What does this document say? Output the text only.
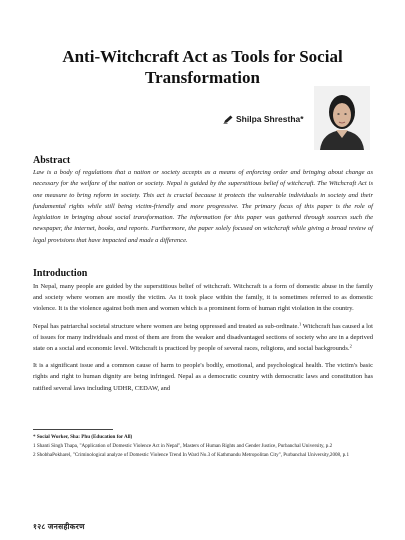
Anti-Witchcraft Act as Tools for Social
Transformation
Shilpa Shrestha*
Abstract
Law is a body of regulations that a nation or society accepts as a means of enforcing order and bringing about change as necessary for the welfare of the nation or society. Nepal is guided by the superstitious belief of witchcraft. The Witchcraft Act is one measure to bring reform in society. This act is crucial because it protects the vulnerable individuals in society and their fundamental rights while still being victim-friendly and more progressive. The primary focus of this paper is the role of legislation in bringing about social transformation. The information for this paper was gathered through sources such the newspaper, the internet, books, and reports. Furthermore, the paper solely focused on witchcraft while giving a broad review of legal provisions that have impacted and made a difference.
Introduction

In Nepal, many people are guided by the superstitious belief of witchcraft. Witchcraft is a form of domestic abuse in the family and society where women are mostly the victim. As it took place within the family, it is sometimes referred to as domestic violence. It is the violence against both men and women which is a prominent form of human right violation in the country.

Nepal has patriarchal societal structure where women are being oppressed and treated as sub-ordinate.$^1$ Witchcraft has caused a lot of issues for many individuals and most of them are from the weaker and disadvantaged sections of society who are in a deprived state on a social and economic level. Witchcraft is practiced by people of several races, religions, and social backgrounds.$^2$

It is a significant issue and a common cause of harm to people's bodily, emotional, and psychological health. The victim's basic rights and right to human dignity are being infringed. Nepal as a democratic country with democratic laws and constitution has ratified several laws including UDHR, CEDAW, and

* Social Worker, Sha: Phu (Education for All)
1 Shanti Singh Thapa, "Application of Domestic Violence Act in Nepal", Masters of Human Rights and Gender Justice, Purbanchal University, p.2
2 ShobhaPokharel, "Criminological analyze of Domestic Violence Trend In Ward No.3 of Kathmandu Metropolitan City", Purbanchal University,2008, p.1
१२८ जनसहीकरण
